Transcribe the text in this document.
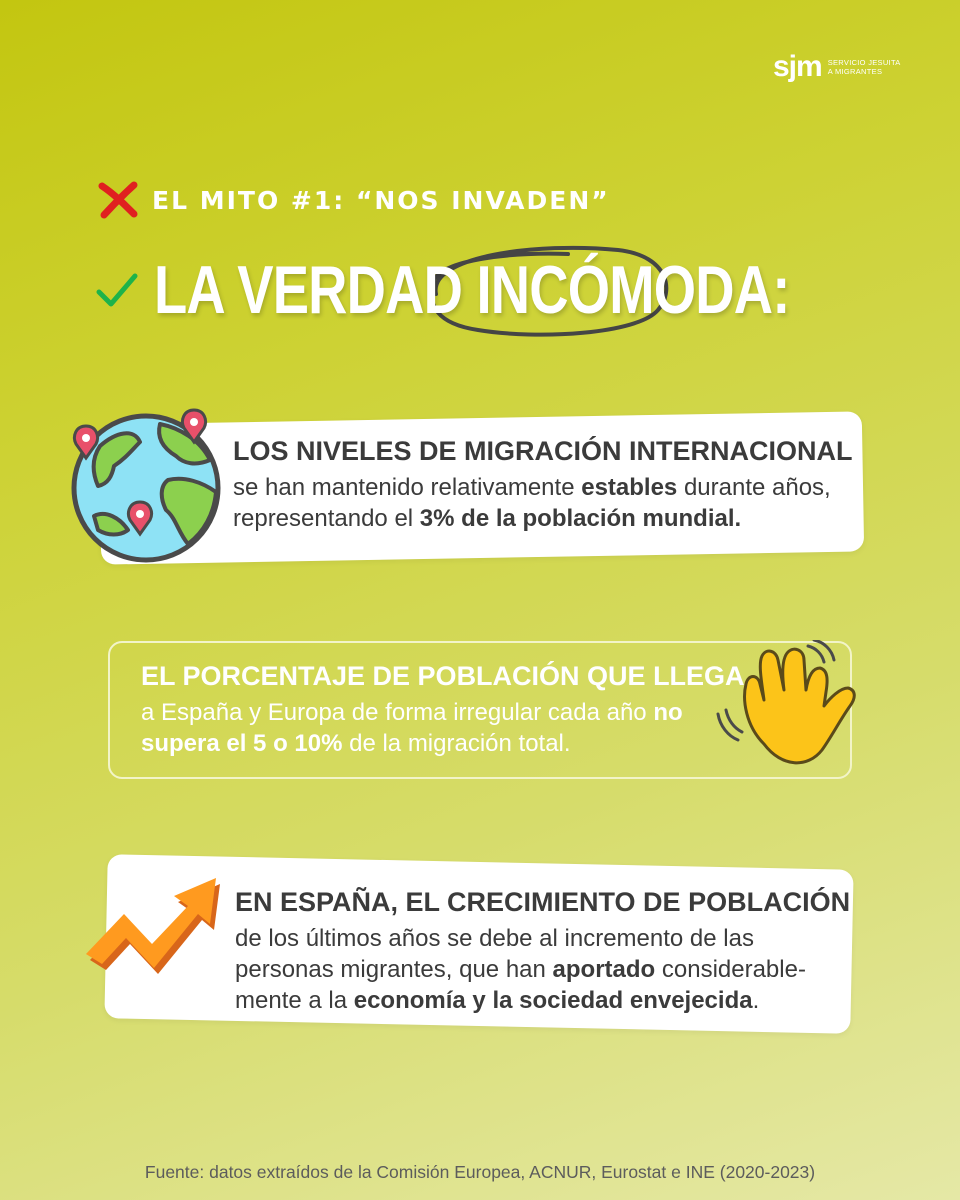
sjm SERVICIO JESUITA
A MIGRANTES
EL MITO #1: “NOS INVADEN”
LA VERDAD INCÓMODA:
LOS NIVELES DE MIGRACIÓN INTERNACIONAL
se han mantenido relativamente estables durante años, representando el 3% de la población mundial.
EL PORCENTAJE DE POBLACIÓN QUE LLEGA
a España y Europa de forma irregular cada año no supera el 5 o 10% de la migración total.
EN ESPAÑA, EL CRECIMIENTO DE POBLACIÓN
de los últimos años se debe al incremento de las personas migrantes, que han aportado considerable-mente a la economía y la sociedad envejecida.
Fuente: datos extraídos de la Comisión Europea, ACNUR, Eurostat e INE (2020-2023)
